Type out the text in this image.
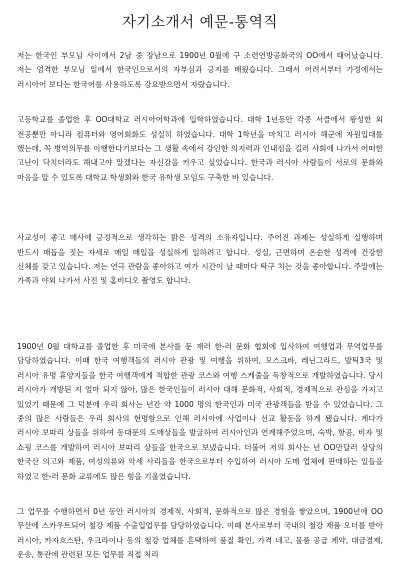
자기소개서 예문-통역직

저는 한국인 부모님 사이에서 2남 중 장남으로 1900년 0월에 구 소련연방공화국의 OO에서 태어났습니다. 저는 엄격한 부모님 밑에서 한국인으로서의 자부심과 긍지를 배웠습니다. 그래서 어려서부터 가정에서는 러시아어 보다는 한국어를 사용하도록 강요받으면서 자랐습니다.

고등학교를 졸업한 후 OO대학교 러시아어학과에 입학하였습니다. 대학 1년동안 각종 서클에서 왕성한 외 전공뿐만 아니라 컴퓨터와 영어회화도 성실히 하였습니다. 대학 1학년을 마치고 러시아 해군에 자원입대를 했는데, 꼭 병역의무를 이행한다기보다는 그 생활 속에서 강인한 의지력과 인내심을 길러 사회에 나가서 어떠한 고난이 닥치더라도 해내고야 말겠다는 자신감을 키우고 싶었습니다. 한국과 러시아 사람들이 서로의 문화와 마음을 알 수 있도록 대학교 학생회와 한국 유학생 모임도 구축한 바 있습니다.

사교성이 좋고 매사에 긍정적으로 생각하는 밝은 성격의 소유자입니다. 주어진 과제는 성실하게 실행하며 반드시 매듭을 짓는 자세로 매일 매일을 성실하게 일하려고 합니다. 성실, 근면하며 온순한 성격에 건강한 신체를 갖고 있습니다. 저는 연극 관람을 좋아하고 여가 시간이 날 때마다 탁구 치는 것을 좋아합니다. 주말에는 가족과 야외 나가서 사진 및 홈비디오 촬영도 합니다.

1900년 0월 대학교를 졸업한 후 미국에 본사를 둔 재러 한-러 문화 협회에 입사하여 여행업과 무역업무를 담당하였습니다. 이때 한국 여행객들의 러시아 관광 및 여행을 위하여, 모스크바, 레닌그라드, 발틱3국 및 러시아 유명 휴양지들을 한국 여행객에게 적합한 관광 코스와 여행 스케줄을 독창적으로 개발하였습니다. 당시 러시아가 개방된 지 얼마 되지 않아, 많은 한국인들이 러시아 대해 문화적, 사회적, 경제적으로 관심을 가지고 있었기 때문에 그 덕분에 우리 회사는 년간 약 1000 명의 한국인과 미국 관광객들을 받을 수 있었습니다. 그 중의 많은 사람들은 우리 회사의 현명함으로 인해 러시아에 사업이나 선교 활동을 하게 됐습니다. 계다가 러시아 보따리 상들을 위하여 동대문의 도매상들을 발굴하여 러시아인과 연계해주었으며, 숙박, 항공, 비자 및 쇼핑 코스를 개발하여 러시아 보따리 상들을 한국으로 보냈습니다. 더불어 저의 회사는 년 OO만달러 상당의 한국산 의고와 제품, 여성의류와 악세 사리들을 한국으로부터 수입하여 러시아 도매 업체에 판매하는 일들을 하였고 한-러 문화 교류에도 많은 힘을 기울였습니다.

그 업무를 수행하면서 0년 동안 러시아의 경제적, 사회적, 문화적으로 많은 경험을 쌓았으며, 1900년에 OO 무산에 스카우트되어 철강 제품 수출입업무를 담당하였습니다. 이때 본사로부터 국내의 철강 제품 오더를 받아 러시아, 카자흐스탄, 우크라이나 등의 철강 업체를 흔택하여 품질 확인, 가격 네고, 물품 공급 계약, 대금결제, 운송, 통관에 관련된 모든 업무를 직접 처리
